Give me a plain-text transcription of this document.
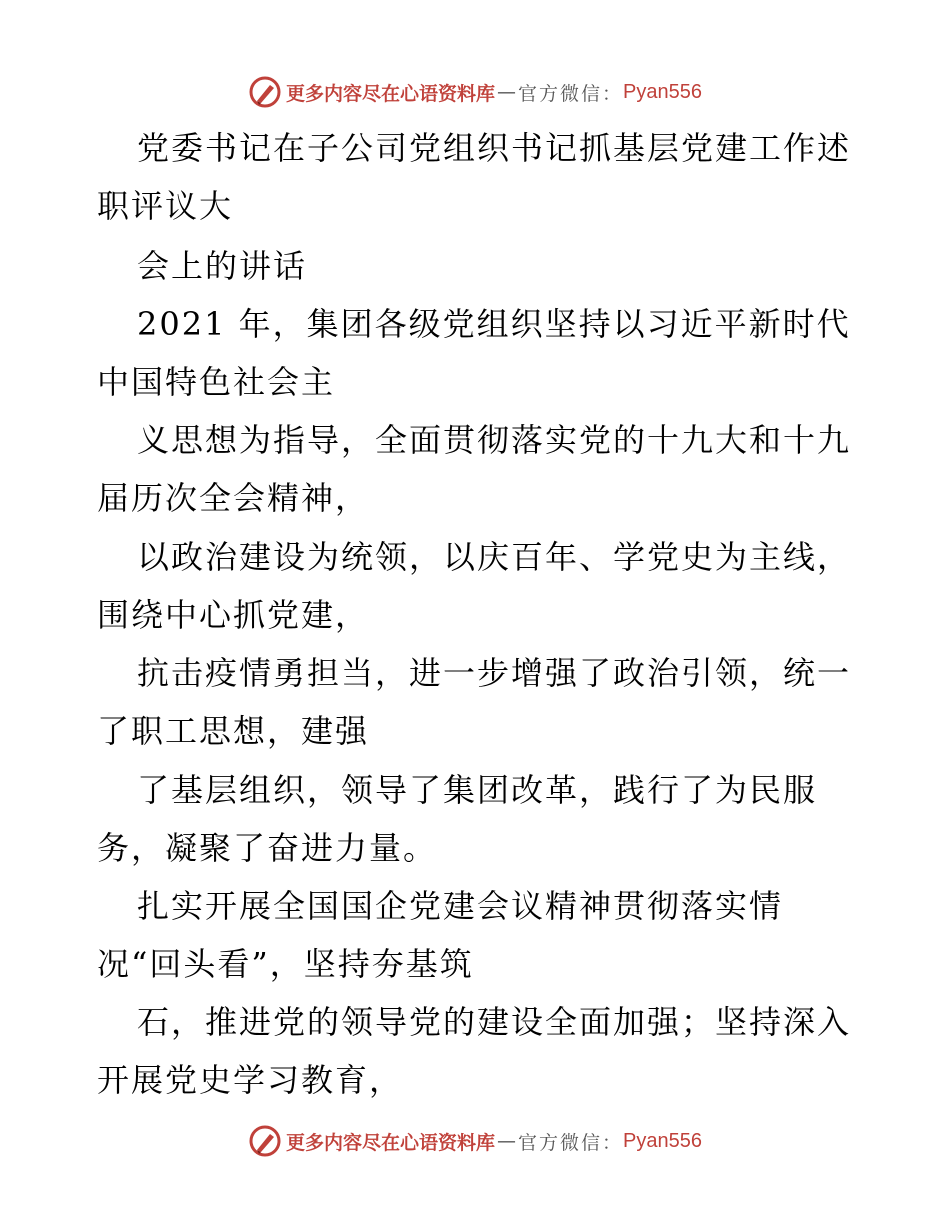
更多内容尽在心语资料库 — 官方微信： Pyan556
党委书记在子公司党组织书记抓基层党建工作述
职评议大
会上的讲话
2021 年，集团各级党组织坚持以习近平新时代
中国特色社会主
义思想为指导，全面贯彻落实党的十九大和十九
届历次全会精神，
以政治建设为统领，以庆百年、学党史为主线，
围绕中心抓党建，
抗击疫情勇担当，进一步增强了政治引领，统一
了职工思想，建强
了基层组织，领导了集团改革，践行了为民服
务，凝聚了奋进力量。
扎实开展全国国企党建会议精神贯彻落实情
况“回头看”，坚持夯基筑
石，推进党的领导党的建设全面加强；坚持深入
开展党史学习教育，
更多内容尽在心语资料库 — 官方微信： Pyan556
